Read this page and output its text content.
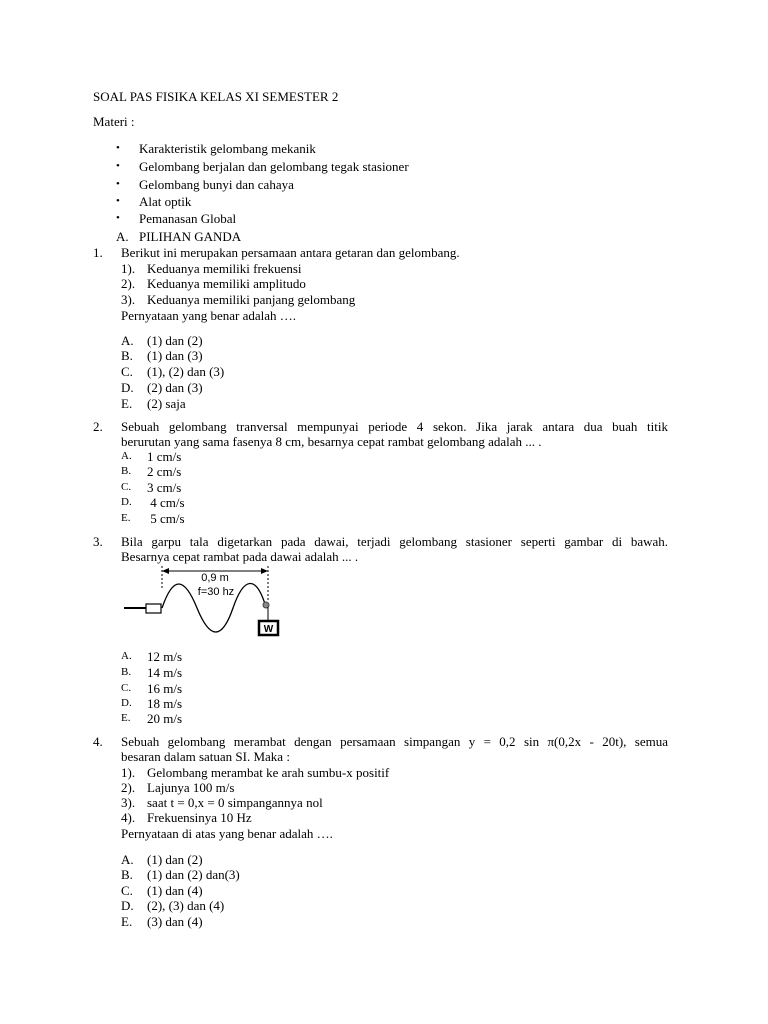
SOAL PAS FISIKA KELAS XI SEMESTER 2
Materi :
• Karakteristik gelombang mekanik
• Gelombang berjalan dan gelombang tegak stasioner
• Gelombang bunyi dan cahaya
• Alat optik
• Pemanasan Global
A. PILIHAN GANDA
1. Berikut ini merupakan persamaan antara getaran dan gelombang.
1). Keduanya memiliki frekuensi
2). Keduanya memiliki amplitudo
3). Keduanya memiliki panjang gelombang
Pernyataan yang benar adalah ….
A. (1) dan (2)
B. (1) dan (3)
C. (1), (2) dan (3)
D. (2) dan (3)
E. (2) saja
2. Sebuah gelombang tranversal mempunyai periode 4 sekon. Jika jarak antara dua buah titik
berurutan yang sama fasenya 8 cm, besarnya cepat rambat gelombang adalah ... .
A. 1 cm/s
B. 2 cm/s
C. 3 cm/s
D. 4 cm/s
E. 5 cm/s
3. Bila garpu tala digetarkan pada dawai, terjadi gelombang stasioner seperti gambar di bawah.
Besarnya cepat rambat pada dawai adalah ... .
0,9 m
f=30 hz
W
A. 12 m/s
B. 14 m/s
C. 16 m/s
D. 18 m/s
E. 20 m/s
4. Sebuah gelombang merambat dengan persamaan simpangan y = 0,2 sin π(0,2x - 20t), semua
besaran dalam satuan SI. Maka :
1). Gelombang merambat ke arah sumbu-x positif
2). Lajunya 100 m/s
3). saat t = 0,x = 0 simpangannya nol
4). Frekuensinya 10 Hz
Pernyataan di atas yang benar adalah ….
A. (1) dan (2)
B. (1) dan (2) dan(3)
C. (1) dan (4)
D. (2), (3) dan (4)
E. (3) dan (4)
